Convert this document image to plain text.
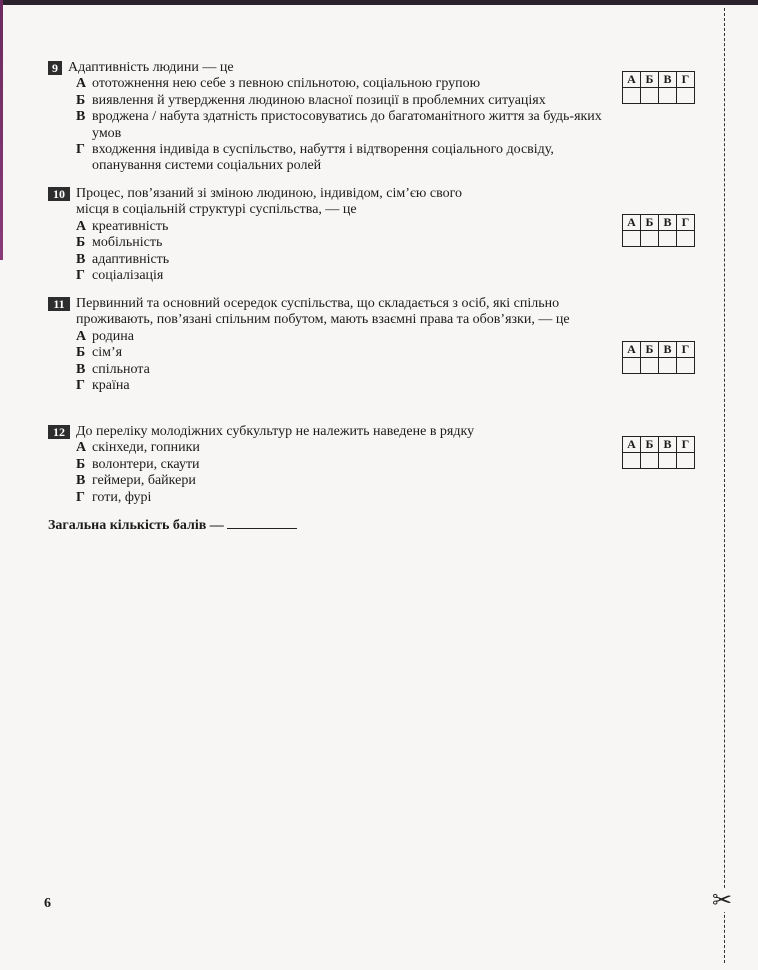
✂
9 Адаптивність людини — це
А ототожнення нею себе з певною спільнотою, соціальною групою
Б виявлення й утвердження людиною власної позиції в проблемних ситуаціях
В вроджена / набута здатність пристосовуватись до багатоманітного життя за будь-яких умов
Г входження індивіда в суспільство, набуття і відтворення соціального досвіду, опанування системи соціальних ролей
А	Б	В	Г

10 Процес, пов’язаний зі зміною людиною, індивідом, сім’єю свого місця в соціальній структурі суспільства, — це
А креативність
Б мобільність
В адаптивність
Г соціалізація
А	Б	В	Г

11 Первинний та основний осередок суспільства, що складається з осіб, які спільно проживають, пов’язані спільним побутом, мають взаємні права та обов’язки, — це
А родина
Б сім’я
В спільнота
Г країна
А	Б	В	Г

12 До переліку молодіжних субкультур не належить наведене в рядку
А скінхеди, гопники
Б волонтери, скаути
В геймери, байкери
Г готи, фурі
А	Б	В	Г

Загальна кількість балів —
6
